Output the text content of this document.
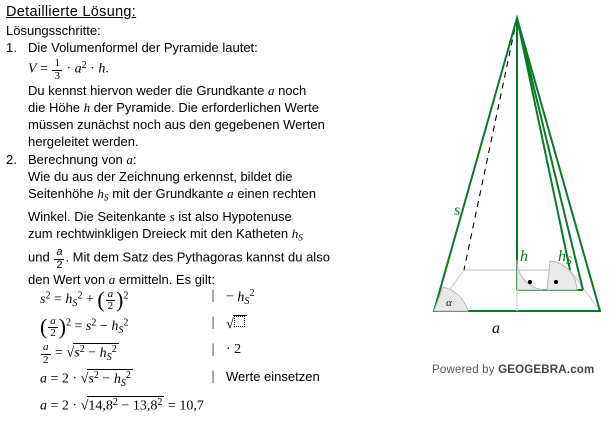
Detaillierte Lösung:
Lösungsschritte:
1. Die Volumenformel der Pyramide lautet:
$V = \frac{1}{3} \cdot a^2 \cdot h$.
Du kennst hiervon weder die Grundkante a noch
die Höhe h der Pyramide. Die erforderlichen Werte
müssen zunächst noch aus den gegebenen Werten
hergeleitet werden.
2. Berechnung von a:
Wie du aus der Zeichnung erkennst, bildet die
Seitenhöhe $h_S$ mit der Grundkante a einen rechten
Winkel. Die Seitenkante s ist also Hypotenuse
zum rechtwinkligen Dreieck mit den Katheten $h_S$
und $\frac{a}{2}$ . Mit dem Satz des Pythagoras kannst du also
den Wert von a ermitteln. Es gilt:
$s^2 = h_S^2$ + ( $\frac{a}{2} )^2$	| − $h_S^2$
( $\frac{a}{2} )^2 = s^2 - h_S^2$	| √
$\frac{a}{2} = √s^2 - h_S^2$	| · 2
$a = 2 \cdot √s^2 - h_S^2$	| Werte einsetzen
$a = 2 \cdot √14,8^2 - 13,8^2 = 10,7$
α
s
h $h_S$
a
Powered by GEOGEBRA.com
